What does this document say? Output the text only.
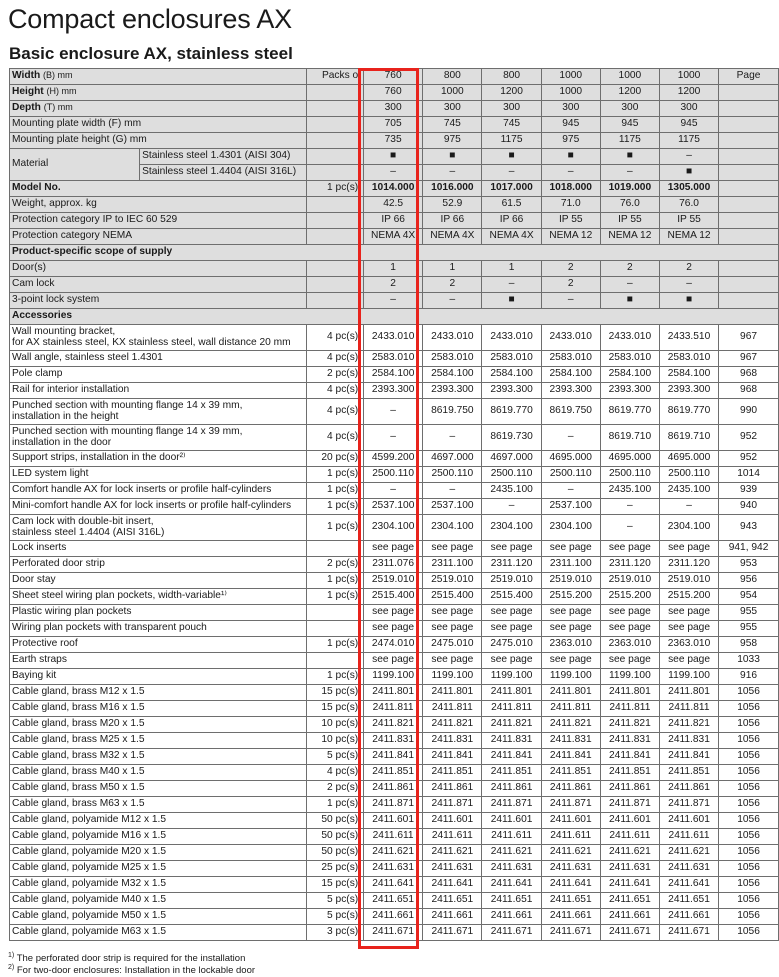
Compact enclosures AX
Basic enclosure AX, stainless steel
Width (B) mm		Packs of	760	800	800	1000	1000	1000	Page
Height (H) mm			760	1000	1200	1000	1200	1200	
Depth (T) mm			300	300	300	300	300	300	
Mounting plate width (F) mm			705	745	745	945	945	945	
Mounting plate height (G) mm			735	975	1175	975	1175	1175	
Material	Stainless steel 1.4301 (AISI 304)		■	■	■	■	■	–	
	Stainless steel 1.4404 (AISI 316L)		–	–	–	–	–	■	
Model No.		1 pc(s).	1014.000	1016.000	1017.000	1018.000	1019.000	1305.000	
Weight, approx. kg			42.5	52.9	61.5	71.0	76.0	76.0	
Protection category IP to IEC 60 529			IP 66	IP 66	IP 66	IP 55	IP 55	IP 55	
Protection category NEMA			NEMA 4X	NEMA 4X	NEMA 4X	NEMA 12	NEMA 12	NEMA 12	
Product-specific scope of supply									
Door(s)			1	1	1	2	2	2	
Cam lock			2	2	–	2	–	–	
3-point lock system			–	–	■	–	■	■	
Accessories									
Wall mounting bracket,
for AX stainless steel, KX stainless steel, wall distance 20 mm		4 pc(s).	2433.010	2433.010	2433.010	2433.010	2433.010	2433.510	967
Wall angle, stainless steel 1.4301		4 pc(s).	2583.010	2583.010	2583.010	2583.010	2583.010	2583.010	967
Pole clamp		2 pc(s).	2584.100	2584.100	2584.100	2584.100	2584.100	2584.100	968
Rail for interior installation		4 pc(s).	2393.300	2393.300	2393.300	2393.300	2393.300	2393.300	968
Punched section with mounting flange 14 x 39 mm,
installation in the height		4 pc(s).	–	8619.750	8619.770	8619.750	8619.770	8619.770	990
Punched section with mounting flange 14 x 39 mm,
installation in the door		4 pc(s).	–	–	8619.730	–	8619.710	8619.710	952
Support strips, installation in the door²⁾		20 pc(s).	4599.200	4697.000	4697.000	4695.000	4695.000	4695.000	952
LED system light		1 pc(s).	2500.110	2500.110	2500.110	2500.110	2500.110	2500.110	1014
Comfort handle AX for lock inserts or profile half-cylinders		1 pc(s).	–	–	2435.100	–	2435.100	2435.100	939
Mini-comfort handle AX for lock inserts or profile half-cylinders		1 pc(s).	2537.100	2537.100	–	2537.100	–	–	940
Cam lock with double-bit insert,
stainless steel 1.4404 (AISI 316L)		1 pc(s).	2304.100	2304.100	2304.100	2304.100	–	2304.100	943
Lock inserts			see page	see page	see page	see page	see page	see page	941, 942
Perforated door strip		2 pc(s).	2311.076	2311.100	2311.120	2311.100	2311.120	2311.120	953
Door stay		1 pc(s).	2519.010	2519.010	2519.010	2519.010	2519.010	2519.010	956
Sheet steel wiring plan pockets, width-variable¹⁾		1 pc(s).	2515.400	2515.400	2515.400	2515.200	2515.200	2515.200	954
Plastic wiring plan pockets			see page	see page	see page	see page	see page	see page	955
Wiring plan pockets with transparent pouch			see page	see page	see page	see page	see page	see page	955
Protective roof		1 pc(s).	2474.010	2475.010	2475.010	2363.010	2363.010	2363.010	958
Earth straps			see page	see page	see page	see page	see page	see page	1033
Baying kit		1 pc(s).	1199.100	1199.100	1199.100	1199.100	1199.100	1199.100	916
Cable gland, brass M12 x 1.5		15 pc(s).	2411.801	2411.801	2411.801	2411.801	2411.801	2411.801	1056
Cable gland, brass M16 x 1.5		15 pc(s).	2411.811	2411.811	2411.811	2411.811	2411.811	2411.811	1056
Cable gland, brass M20 x 1.5		10 pc(s).	2411.821	2411.821	2411.821	2411.821	2411.821	2411.821	1056
Cable gland, brass M25 x 1.5		10 pc(s).	2411.831	2411.831	2411.831	2411.831	2411.831	2411.831	1056
Cable gland, brass M32 x 1.5		5 pc(s).	2411.841	2411.841	2411.841	2411.841	2411.841	2411.841	1056
Cable gland, brass M40 x 1.5		4 pc(s).	2411.851	2411.851	2411.851	2411.851	2411.851	2411.851	1056
Cable gland, brass M50 x 1.5		2 pc(s).	2411.861	2411.861	2411.861	2411.861	2411.861	2411.861	1056
Cable gland, brass M63 x 1.5		1 pc(s).	2411.871	2411.871	2411.871	2411.871	2411.871	2411.871	1056
Cable gland, polyamide M12 x 1.5		50 pc(s).	2411.601	2411.601	2411.601	2411.601	2411.601	2411.601	1056
Cable gland, polyamide M16 x 1.5		50 pc(s).	2411.611	2411.611	2411.611	2411.611	2411.611	2411.611	1056
Cable gland, polyamide M20 x 1.5		50 pc(s).	2411.621	2411.621	2411.621	2411.621	2411.621	2411.621	1056
Cable gland, polyamide M25 x 1.5		25 pc(s).	2411.631	2411.631	2411.631	2411.631	2411.631	2411.631	1056
Cable gland, polyamide M32 x 1.5		15 pc(s).	2411.641	2411.641	2411.641	2411.641	2411.641	2411.641	1056
Cable gland, polyamide M40 x 1.5		5 pc(s).	2411.651	2411.651	2411.651	2411.651	2411.651	2411.651	1056
Cable gland, polyamide M50 x 1.5		5 pc(s).	2411.661	2411.661	2411.661	2411.661	2411.661	2411.661	1056
Cable gland, polyamide M63 x 1.5		3 pc(s).	2411.671	2411.671	2411.671	2411.671	2411.671	2411.671	1056

$^{1)}$ The perforated door strip is required for the installation

$^{2)}$ For two-door enclosures: Installation in the lockable door
